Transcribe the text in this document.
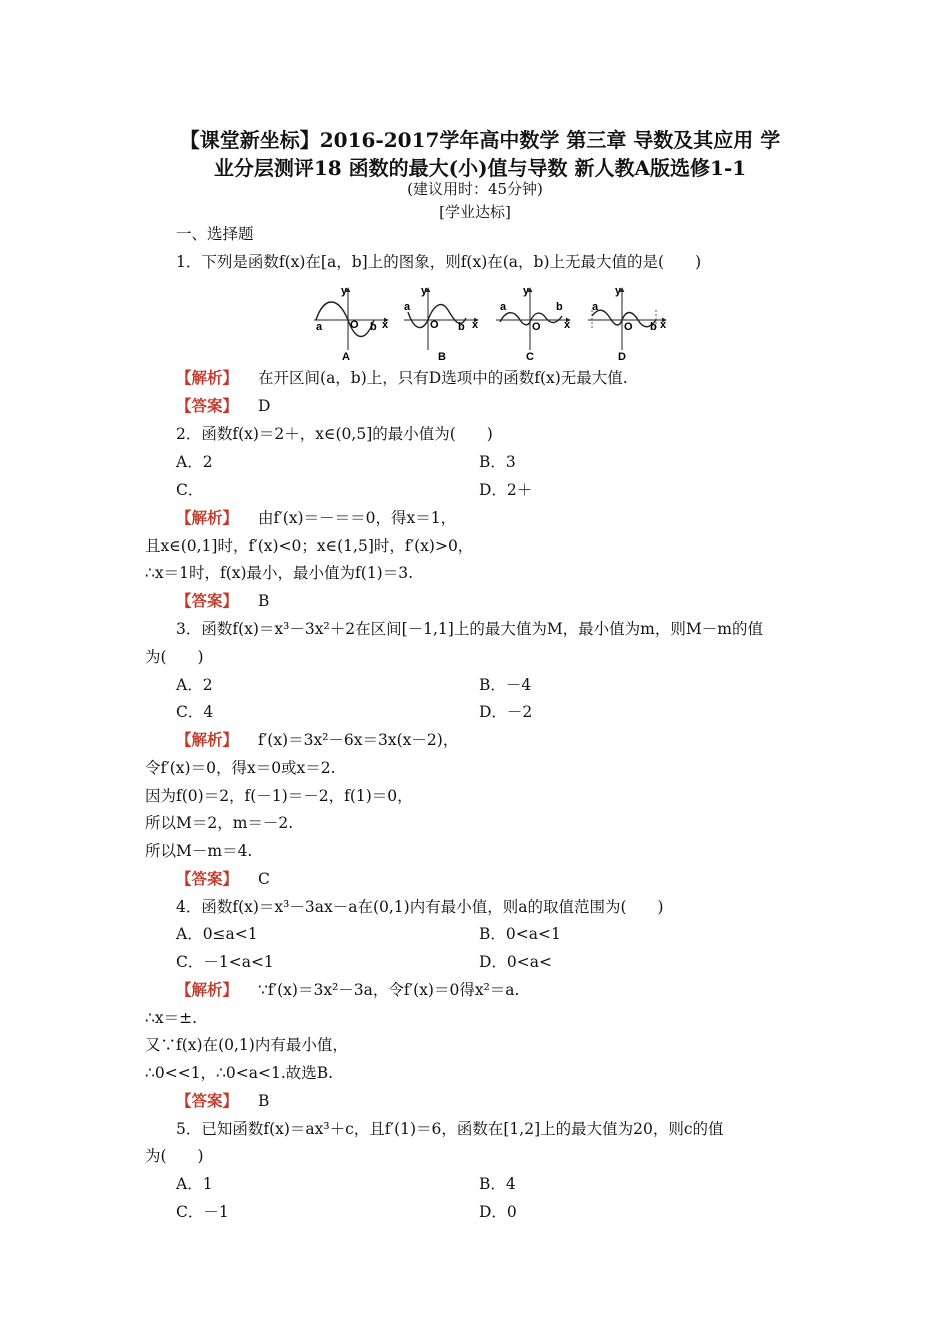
【课堂新坐标】2016-2017学年高中数学 第三章 导数及其应用 学
业分层测评18 函数的最大(小)值与导数 新人教A版选修1-1
(建议用时：45分钟)
[学业达标]
一、选择题
1．下列是函数f(x)在[a，b]上的图象，则f(x)在(a，b)上无最大值的是(　　)
a	O b
y
x
A
a
O b
y
x
B
a
O
b
y
x
C
a
O b
y
x
D
【解析】 在开区间(a，b)上，只有D选项中的函数f(x)无最大值.
【答案】 D
2．函数f(x)＝2＋，x∈(0,5]的最小值为(　　)
A．2	B．3
C．	D．2＋
【解析】 由f′(x)＝－＝＝0，得x＝1，
且x∈(0,1]时，f′(x)<0；x∈(1,5]时，f′(x)>0，
∴x＝1时，f(x)最小，最小值为f(1)＝3.
【答案】 B
3．函数f(x)＝x³－3x²＋2在区间[－1,1]上的最大值为M，最小值为m，则M－m的值
为(　　)
A．2	B．－4
C．4	D．－2
【解析】 f′(x)＝3x²－6x＝3x(x－2)，
令f′(x)＝0，得x＝0或x＝2.
因为f(0)＝2，f(－1)＝－2，f(1)＝0，
所以M＝2，m＝－2.
所以M－m＝4.
【答案】 C
4．函数f(x)＝x³－3ax－a在(0,1)内有最小值，则a的取值范围为(　　)
A．0≤a<1	B．0<a<1
C．－1<a<1	D．0<a<
【解析】 ∵f′(x)＝3x²－3a，令f′(x)＝0得x²＝a.
∴x＝±.
又∵f(x)在(0,1)内有最小值，
∴0<<1，∴0<a<1.故选B.
【答案】 B
5．已知函数f(x)＝ax³＋c，且f′(1)＝6，函数在[1,2]上的最大值为20，则c的值
为(　　)
A．1	B．4
C．－1	D．0
